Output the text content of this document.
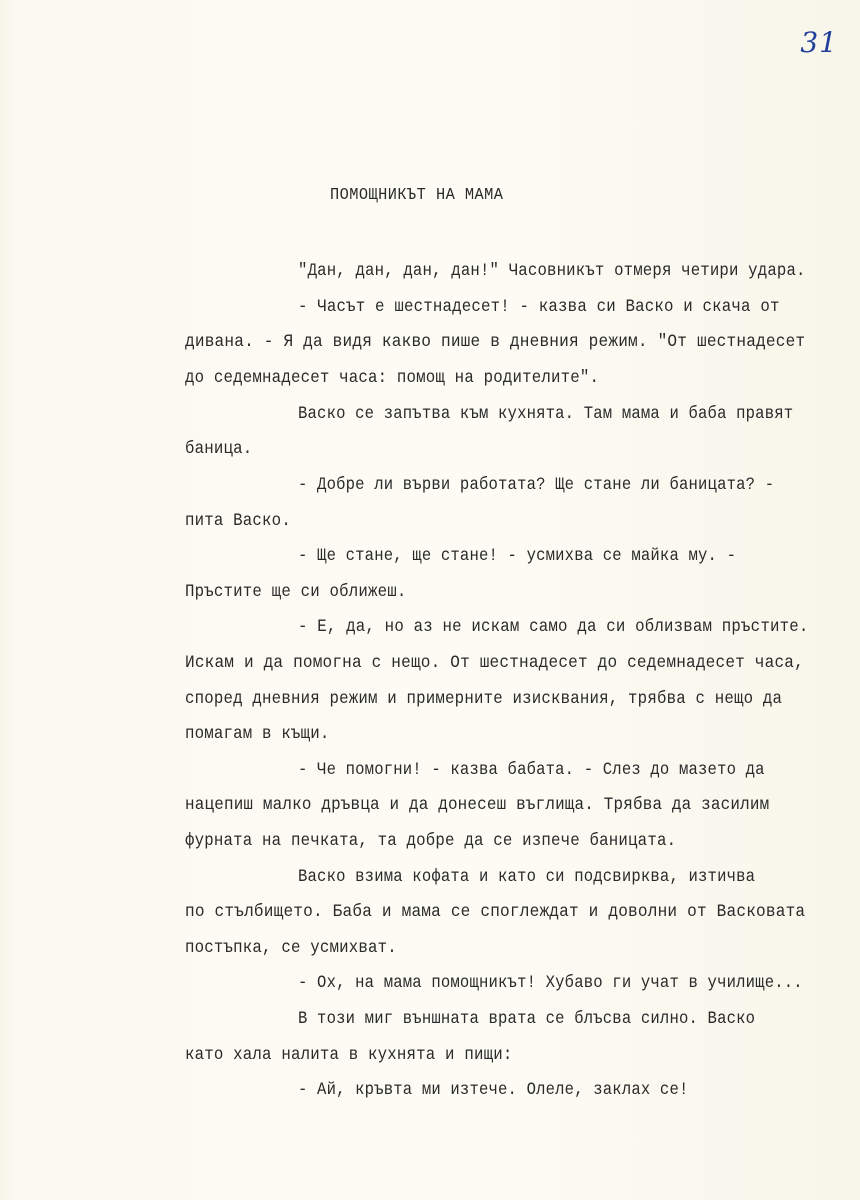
31
ПОМОЩНИКЪТ НА МАМА
"Дан, дан, дан, дан!" Часовникът отмеря четири удара.
- Часът е шестнадесет! - казва си Васко и скача от
дивана. - Я да видя какво пише в дневния режим. "От шестнадесет
до седемнадесет часа: помощ на родителите".
Васко се запътва към кухнята. Там мама и баба правят
баница.
- Добре ли върви работата? Ще стане ли баницата? -
пита Васко.
- Ще стане, ще стане! - усмихва се майка му. -
Пръстите ще си оближеш.
- Е, да, но аз не искам само да си облизвам пръстите.
Искам и да помогна с нещо. От шестнадесет до седемнадесет часа,
според дневния режим и примерните изисквания, трябва с нещо да
помагам в къщи.
- Че помогни! - казва бабата. - Слез до мазето да
нацепиш малко дръвца и да донесеш въглища. Трябва да засилим
фурната на печката, та добре да се изпече баницата.
Васко взима кофата и като си подсвирква, изтичва
по стълбището. Баба и мама се споглеждат и доволни от Васковата
постъпка, се усмихват.
- Ох, на мама помощникът! Хубаво ги учат в училище...
В този миг външната врата се блъсва силно. Васко
като хала налита в кухнята и пищи:
- Ай, кръвта ми изтече. Олеле, заклах се!
